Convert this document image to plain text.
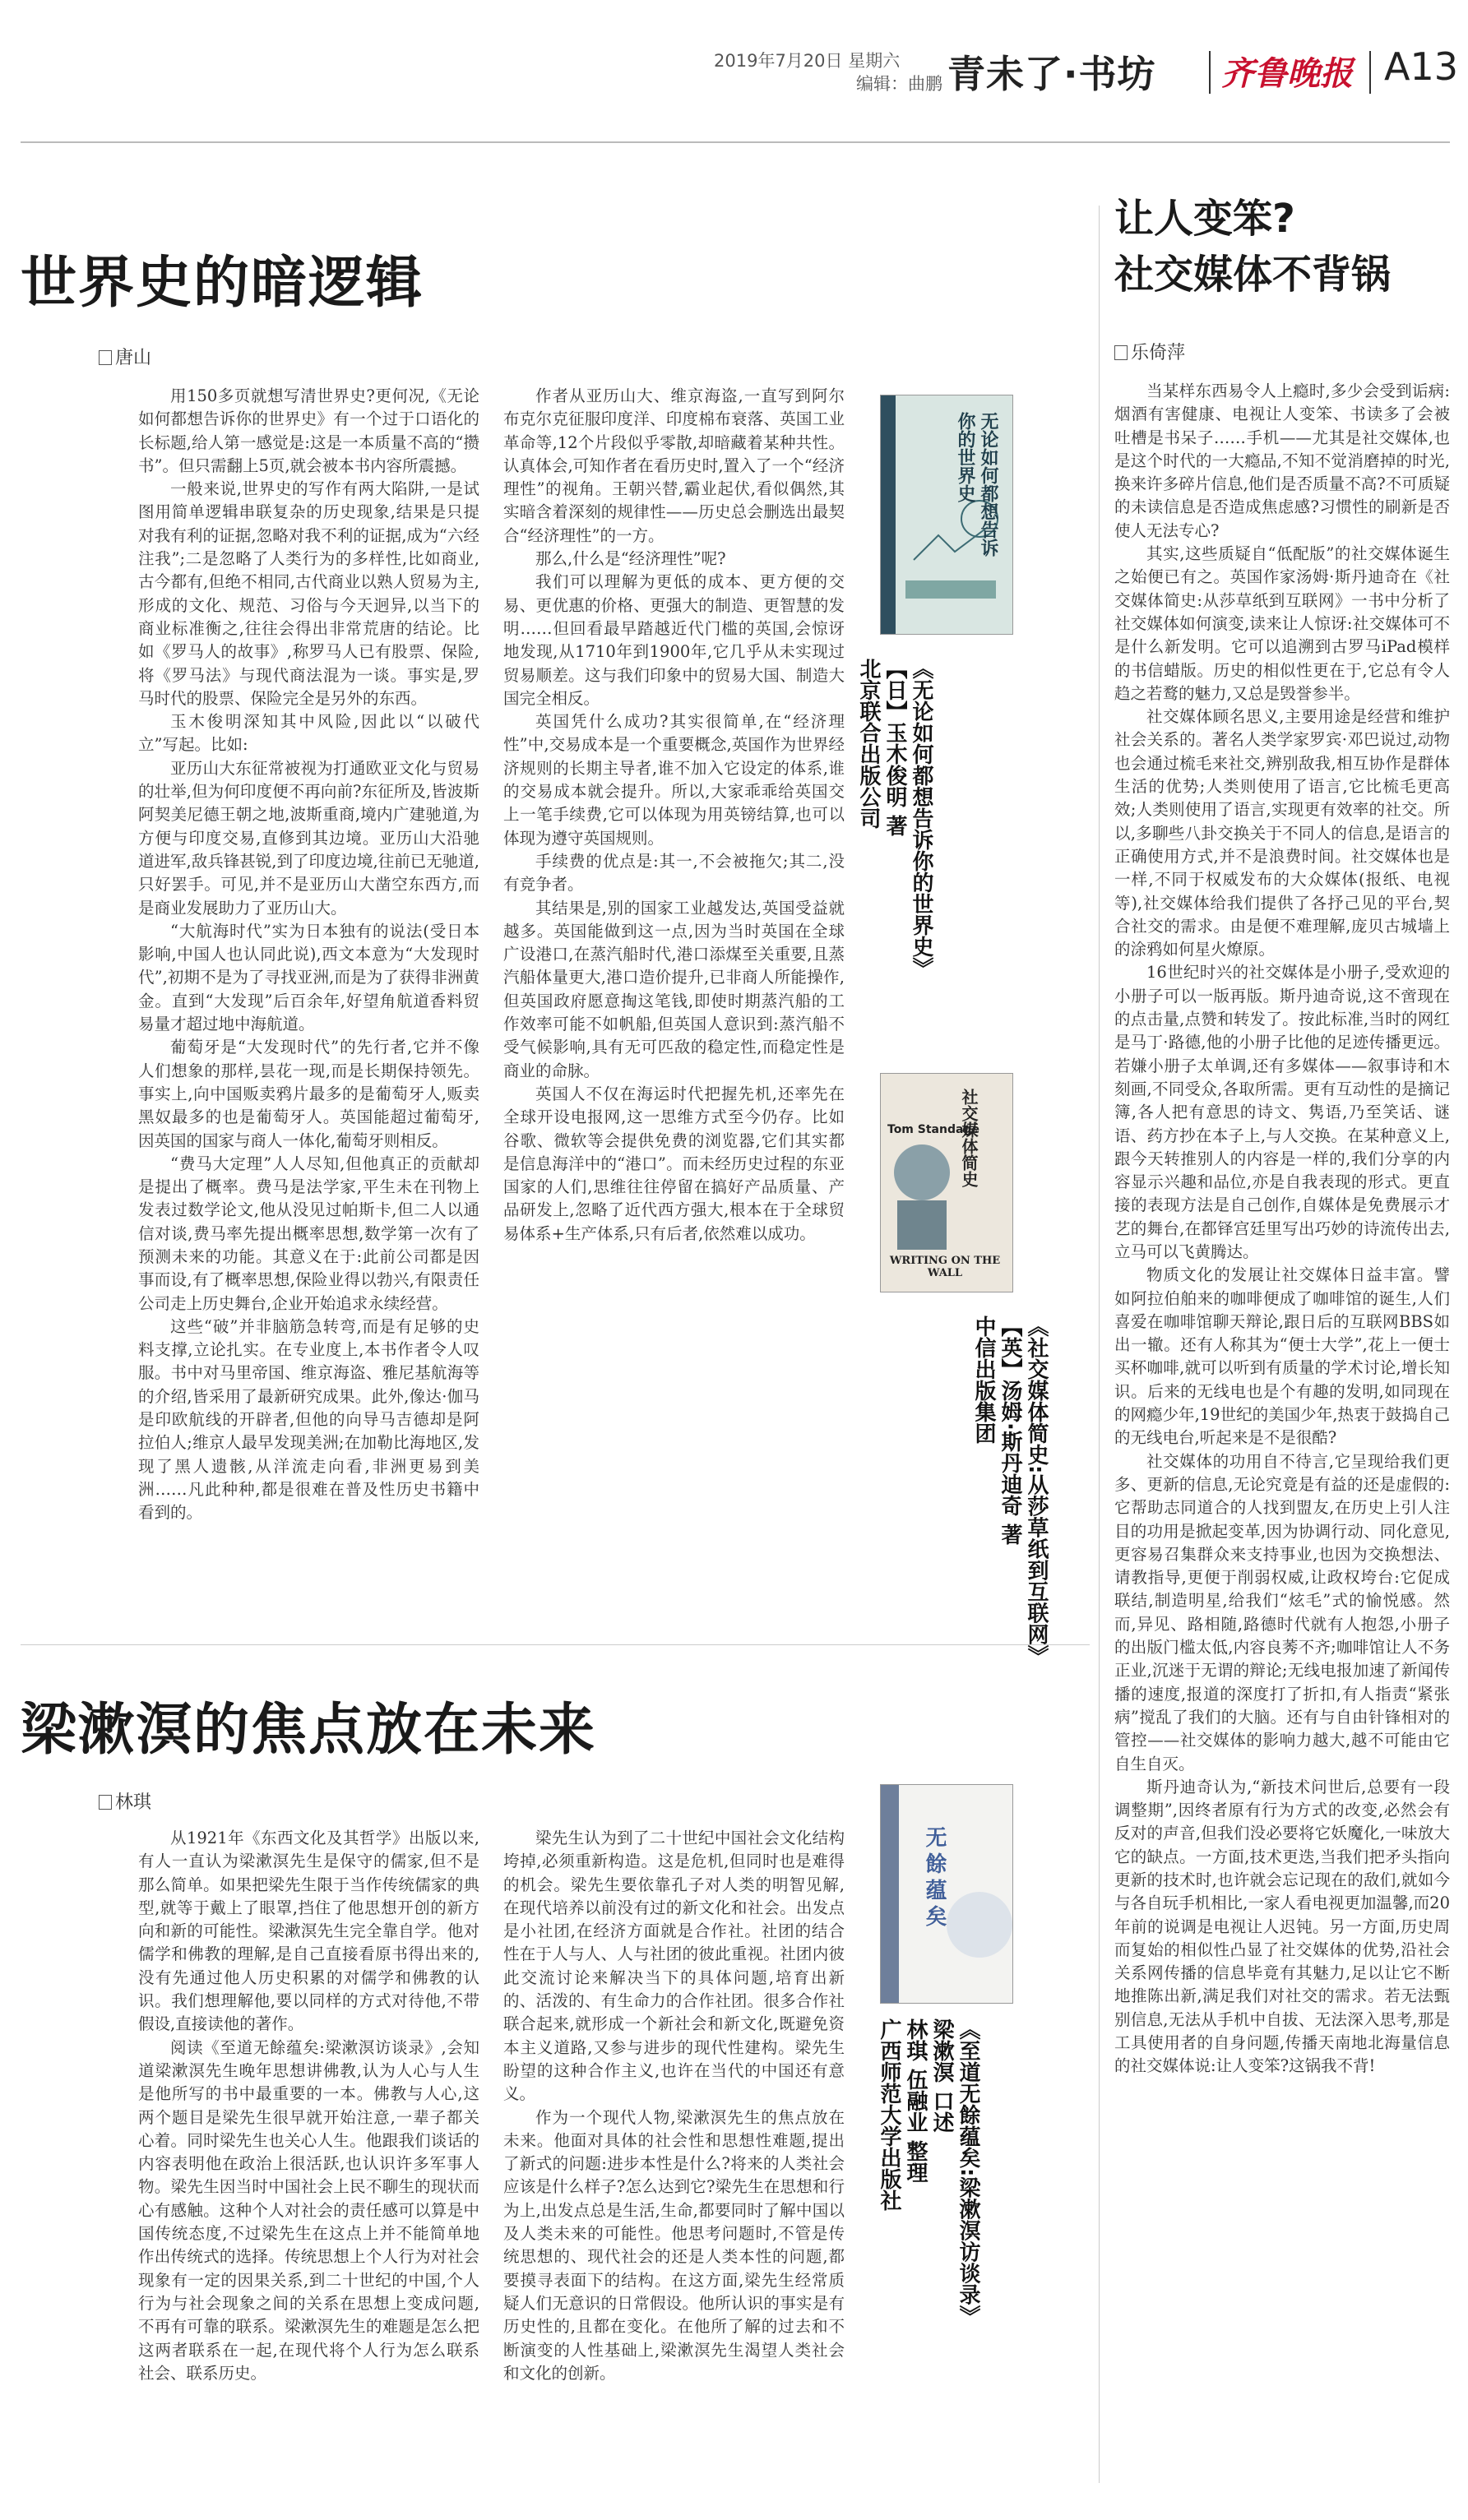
2019年7月20日 星期六
编辑：曲鹏 青未了·书坊 齐鲁晚报 A13
世界史的暗逻辑
唐山

用150多页就想写清世界史?更何况,《无论如何都想告诉你的世界史》有一个过于口语化的长标题,给人第一感觉是:这是一本质量不高的“攒书”。但只需翻上5页,就会被本书内容所震撼。

一般来说,世界史的写作有两大陷阱,一是试图用简单逻辑串联复杂的历史现象,结果是只提对我有利的证据,忽略对我不利的证据,成为“六经注我”;二是忽略了人类行为的多样性,比如商业,古今都有,但绝不相同,古代商业以熟人贸易为主,形成的文化、规范、习俗与今天迥异,以当下的商业标准衡之,往往会得出非常荒唐的结论。比如《罗马人的故事》,称罗马人已有股票、保险,将《罗马法》与现代商法混为一谈。事实是,罗马时代的股票、保险完全是另外的东西。

玉木俊明深知其中风险,因此以“以破代立”写起。比如:

亚历山大东征常被视为打通欧亚文化与贸易的壮举,但为何印度便不再向前?东征所及,皆波斯阿契美尼德王朝之地,波斯重商,境内广建驰道,为方便与印度交易,直修到其边境。亚历山大沿驰道进军,敌兵锋甚锐,到了印度边境,往前已无驰道,只好罢手。可见,并不是亚历山大凿空东西方,而是商业发展助力了亚历山大。

“大航海时代”实为日本独有的说法(受日本影响,中国人也认同此说),西文本意为“大发现时代”,初期不是为了寻找亚洲,而是为了获得非洲黄金。直到“大发现”后百余年,好望角航道香料贸易量才超过地中海航道。

葡萄牙是“大发现时代”的先行者,它并不像人们想象的那样,昙花一现,而是长期保持领先。事实上,向中国贩卖鸦片最多的是葡萄牙人,贩卖黑奴最多的也是葡萄牙人。英国能超过葡萄牙,因英国的国家与商人一体化,葡萄牙则相反。

“费马大定理”人人尽知,但他真正的贡献却是提出了概率。费马是法学家,平生未在刊物上发表过数学论文,他从没见过帕斯卡,但二人以通信对谈,费马率先提出概率思想,数学第一次有了预测未来的功能。其意义在于:此前公司都是因事而设,有了概率思想,保险业得以勃兴,有限责任公司走上历史舞台,企业开始追求永续经营。

这些“破”并非脑筋急转弯,而是有足够的史料支撑,立论扎实。在专业度上,本书作者令人叹服。书中对马里帝国、维京海盗、雅尼基航海等的介绍,皆采用了最新研究成果。此外,像达·伽马是印欧航线的开辟者,但他的向导马吉德却是阿拉伯人;维京人最早发现美洲;在加勒比海地区,发现了黑人遗骸,从洋流走向看,非洲更易到美洲……凡此种种,都是很难在普及性历史书籍中看到的。

作者从亚历山大、维京海盗,一直写到阿尔布克尔克征服印度洋、印度棉布衰落、英国工业革命等,12个片段似乎零散,却暗藏着某种共性。认真体会,可知作者在看历史时,置入了一个“经济理性”的视角。王朝兴替,霸业起伏,看似偶然,其实暗含着深刻的规律性——历史总会删选出最契合“经济理性”的一方。

那么,什么是“经济理性”呢?

我们可以理解为更低的成本、更方便的交易、更优惠的价格、更强大的制造、更智慧的发明……但回看最早踏越近代门槛的英国,会惊讶地发现,从1710年到1900年,它几乎从未实现过贸易顺差。这与我们印象中的贸易大国、制造大国完全相反。

英国凭什么成功?其实很简单,在“经济理性”中,交易成本是一个重要概念,英国作为世界经济规则的长期主导者,谁不加入它设定的体系,谁的交易成本就会提升。所以,大家乖乖给英国交上一笔手续费,它可以体现为用英镑结算,也可以体现为遵守英国规则。

手续费的优点是:其一,不会被拖欠;其二,没有竞争者。

其结果是,别的国家工业越发达,英国受益就越多。英国能做到这一点,因为当时英国在全球广设港口,在蒸汽船时代,港口添煤至关重要,且蒸汽船体量更大,港口造价提升,已非商人所能操作,但英国政府愿意掏这笔钱,即使时期蒸汽船的工作效率可能不如帆船,但英国人意识到:蒸汽船不受气候影响,具有无可匹敌的稳定性,而稳定性是商业的命脉。

英国人不仅在海运时代把握先机,还率先在全球开设电报网,这一思维方式至今仍存。比如谷歌、微软等会提供免费的浏览器,它们其实都是信息海洋中的“港口”。而未经历史过程的东亚国家的人们,思维往往停留在搞好产品质量、产品研发上,忽略了近代西方强大,根本在于全球贸易体系+生产体系,只有后者,依然难以成功。

无论如何都想告诉你的世界史
《无论如何都想告诉你的世界史》
【日】玉木俊明 著
北京联合出版公司
社交媒体简史
Tom Standage
WRITING ON THE WALL
《社交媒体简史:从莎草纸到互联网》
【英】汤姆·斯丹迪奇 著
中信出版集团
梁漱溟的焦点放在未来
林琪

从1921年《东西文化及其哲学》出版以来,有人一直认为梁漱溟先生是保守的儒家,但不是那么简单。如果把梁先生限于当作传统儒家的典型,就等于戴上了眼罩,挡住了他思想开创的新方向和新的可能性。梁漱溟先生完全靠自学。他对儒学和佛教的理解,是自己直接看原书得出来的,没有先通过他人历史积累的对儒学和佛教的认识。我们想理解他,要以同样的方式对待他,不带假设,直接读他的著作。

阅读《至道无餘蕴矣:梁漱溟访谈录》,会知道梁漱溟先生晚年思想讲佛教,认为人心与人生是他所写的书中最重要的一本。佛教与人心,这两个题目是梁先生很早就开始注意,一辈子都关心着。同时梁先生也关心人生。他跟我们谈话的内容表明他在政治上很活跃,也认识许多军事人物。梁先生因当时中国社会上民不聊生的现状而心有感触。这种个人对社会的责任感可以算是中国传统态度,不过梁先生在这点上并不能简单地作出传统式的选择。传统思想上个人行为对社会现象有一定的因果关系,到二十世纪的中国,个人行为与社会现象之间的关系在思想上变成问题,不再有可靠的联系。梁漱溟先生的难题是怎么把这两者联系在一起,在现代将个人行为怎么联系社会、联系历史。

梁先生认为到了二十世纪中国社会文化结构垮掉,必须重新构造。这是危机,但同时也是难得的机会。梁先生要依靠孔子对人类的明智见解,在现代培养以前没有过的新文化和社会。出发点是小社团,在经济方面就是合作社。社团的结合性在于人与人、人与社团的彼此重视。社团内彼此交流讨论来解决当下的具体问题,培育出新的、活泼的、有生命力的合作社团。很多合作社联合起来,就形成一个新社会和新文化,既避免资本主义道路,又参与进步的现代性建构。梁先生盼望的这种合作主义,也许在当代的中国还有意义。

作为一个现代人物,梁漱溟先生的焦点放在未来。他面对具体的社会性和思想性难题,提出了新式的问题:进步本性是什么?将来的人类社会应该是什么样子?怎么达到它?梁先生在思想和行为上,出发点总是生活,生命,都要同时了解中国以及人类未来的可能性。他思考问题时,不管是传统思想的、现代社会的还是人类本性的问题,都要摸寻表面下的结构。在这方面,梁先生经常质疑人们无意识的日常假设。他所认识的事实是有历史性的,且都在变化。在他所了解的过去和不断演变的人性基础上,梁漱溟先生渴望人类社会和文化的创新。

无餘蕴矣
《至道无餘蕴矣:梁漱溟访谈录》
梁漱溟 口述
林琪 伍融业 整理
广西师范大学出版社
让人变笨?
社交媒体不背锅
乐倚萍

当某样东西易令人上瘾时,多少会受到诟病:烟酒有害健康、电视让人变笨、书读多了会被吐槽是书呆子……手机——尤其是社交媒体,也是这个时代的一大瘾品,不知不觉消磨掉的时光,换来许多碎片信息,他们是否质量不高?不可质疑的未读信息是否造成焦虑感?习惯性的刷新是否使人无法专心?

其实,这些质疑自“低配版”的社交媒体诞生之始便已有之。英国作家汤姆·斯丹迪奇在《社交媒体简史:从莎草纸到互联网》一书中分析了社交媒体如何演变,读来让人惊讶:社交媒体可不是什么新发明。它可以追溯到古罗马iPad模样的书信蜡版。历史的相似性更在于,它总有令人趋之若鹜的魅力,又总是毁誉参半。

社交媒体顾名思义,主要用途是经营和维护社会关系的。著名人类学家罗宾·邓巴说过,动物也会通过梳毛来社交,辨别敌我,相互协作是群体生活的优势;人类则使用了语言,它比梳毛更高效;人类则使用了语言,实现更有效率的社交。所以,多聊些八卦交换关于不同人的信息,是语言的正确使用方式,并不是浪费时间。社交媒体也是一样,不同于权威发布的大众媒体(报纸、电视等),社交媒体给我们提供了各抒己见的平台,契合社交的需求。由是便不难理解,庞贝古城墙上的涂鸦如何星火燎原。

16世纪时兴的社交媒体是小册子,受欢迎的小册子可以一版再版。斯丹迪奇说,这不啻现在的点击量,点赞和转发了。按此标准,当时的网红是马丁·路德,他的小册子比他的足迹传播更远。若嫌小册子太单调,还有多媒体——叙事诗和木刻画,不同受众,各取所需。更有互动性的是摘记簿,各人把有意思的诗文、隽语,乃至笑话、谜语、药方抄在本子上,与人交换。在某种意义上,跟今天转推别人的内容是一样的,我们分享的内容显示兴趣和品位,亦是自我表现的形式。更直接的表现方法是自己创作,自媒体是免费展示才艺的舞台,在都铎宫廷里写出巧妙的诗流传出去,立马可以飞黄腾达。

物质文化的发展让社交媒体日益丰富。譬如阿拉伯舶来的咖啡便成了咖啡馆的诞生,人们喜爱在咖啡馆聊天辩论,跟日后的互联网BBS如出一辙。还有人称其为“便士大学”,花上一便士买杯咖啡,就可以听到有质量的学术讨论,增长知识。后来的无线电也是个有趣的发明,如同现在的网瘾少年,19世纪的美国少年,热衷于鼓捣自己的无线电台,听起来是不是很酷?

社交媒体的功用自不待言,它呈现给我们更多、更新的信息,无论究竟是有益的还是虚假的:它帮助志同道合的人找到盟友,在历史上引人注目的功用是掀起变革,因为协调行动、同化意见,更容易召集群众来支持事业,也因为交换想法、请教指导,更便于削弱权威,让政权垮台:它促成联结,制造明星,给我们“炫毛”式的愉悦感。然而,异见、路相随,路德时代就有人抱怨,小册子的出版门槛太低,内容良莠不齐;咖啡馆让人不务正业,沉迷于无谓的辩论;无线电报加速了新闻传播的速度,报道的深度打了折扣,有人指责“紧张病”搅乱了我们的大脑。还有与自由针锋相对的管控——社交媒体的影响力越大,越不可能由它自生自灭。

斯丹迪奇认为,“新技术问世后,总要有一段调整期”,因终者原有行为方式的改变,必然会有反对的声音,但我们没必要将它妖魔化,一味放大它的缺点。一方面,技术更迭,当我们把矛头指向更新的技术时,也许就会忘记现在的敌们,就如今与各自玩手机相比,一家人看电视更加温馨,而20年前的说调是电视让人迟钝。另一方面,历史周而复始的相似性凸显了社交媒体的优势,沿社会关系网传播的信息毕竟有其魅力,足以让它不断地推陈出新,满足我们对社交的需求。若无法甄别信息,无法从手机中自拔、无法深入思考,那是工具使用者的自身问题,传播天南地北海量信息的社交媒体说:让人变笨?这锅我不背!
